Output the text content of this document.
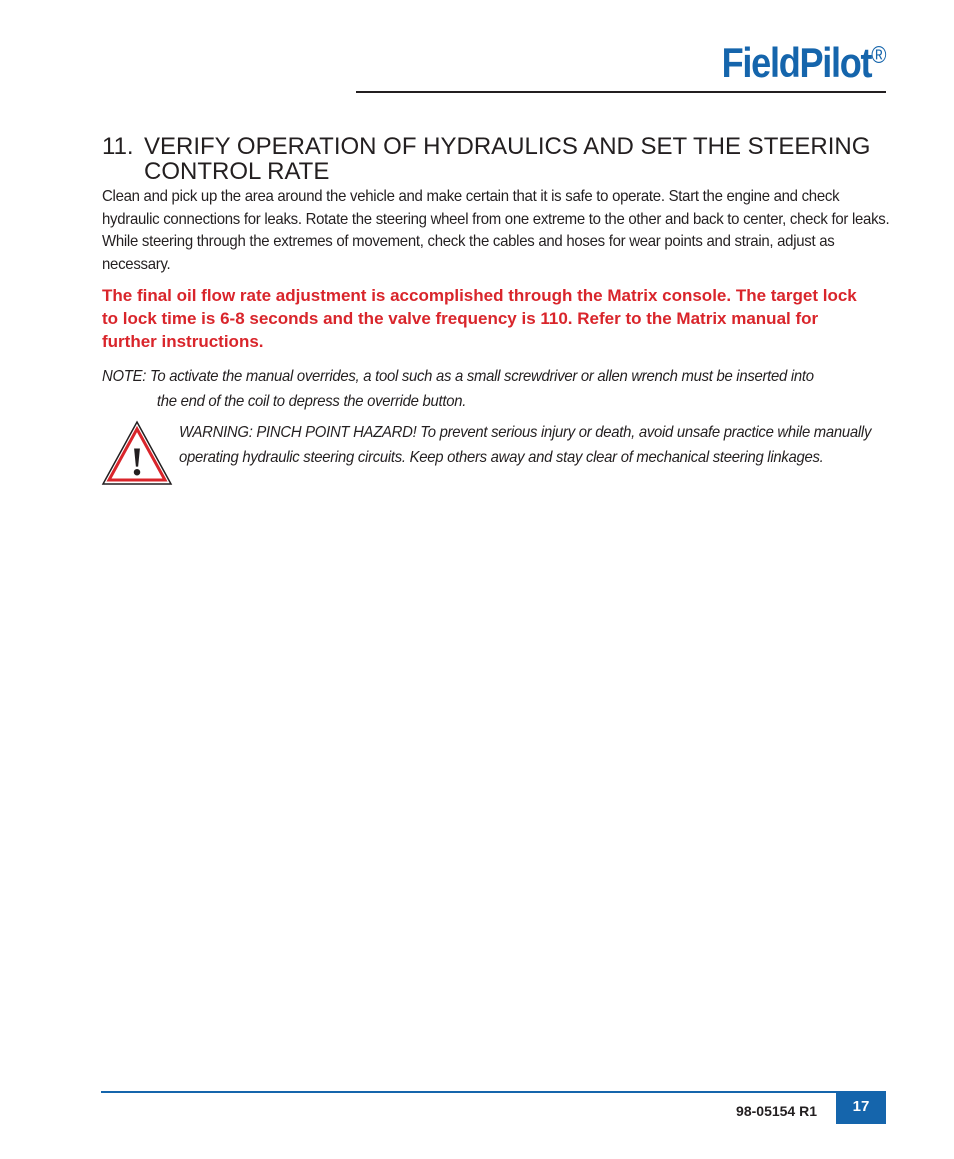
FieldPilot®
11. VERIFY OPERATION OF HYDRAULICS AND SET THE STEERING CONTROL RATE
Clean and pick up the area around the vehicle and make certain that it is safe to operate. Start the engine and check hydraulic connections for leaks. Rotate the steering wheel from one extreme to the other and back to center, check for leaks. While steering through the extremes of movement, check the cables and hoses for wear points and strain, adjust as necessary.
The final oil flow rate adjustment is accomplished through the Matrix console. The target lock to lock time is 6-8 seconds and the valve frequency is 110. Refer to the Matrix manual for further instructions.
NOTE: To activate the manual overrides, a tool such as a small screwdriver or allen wrench must be inserted into
the end of the coil to depress the override button.
!
WARNING: PINCH POINT HAZARD! To prevent serious injury or death, avoid unsafe practice while manually operating hydraulic steering circuits. Keep others away and stay clear of mechanical steering linkages.
98-05154 R1	17
